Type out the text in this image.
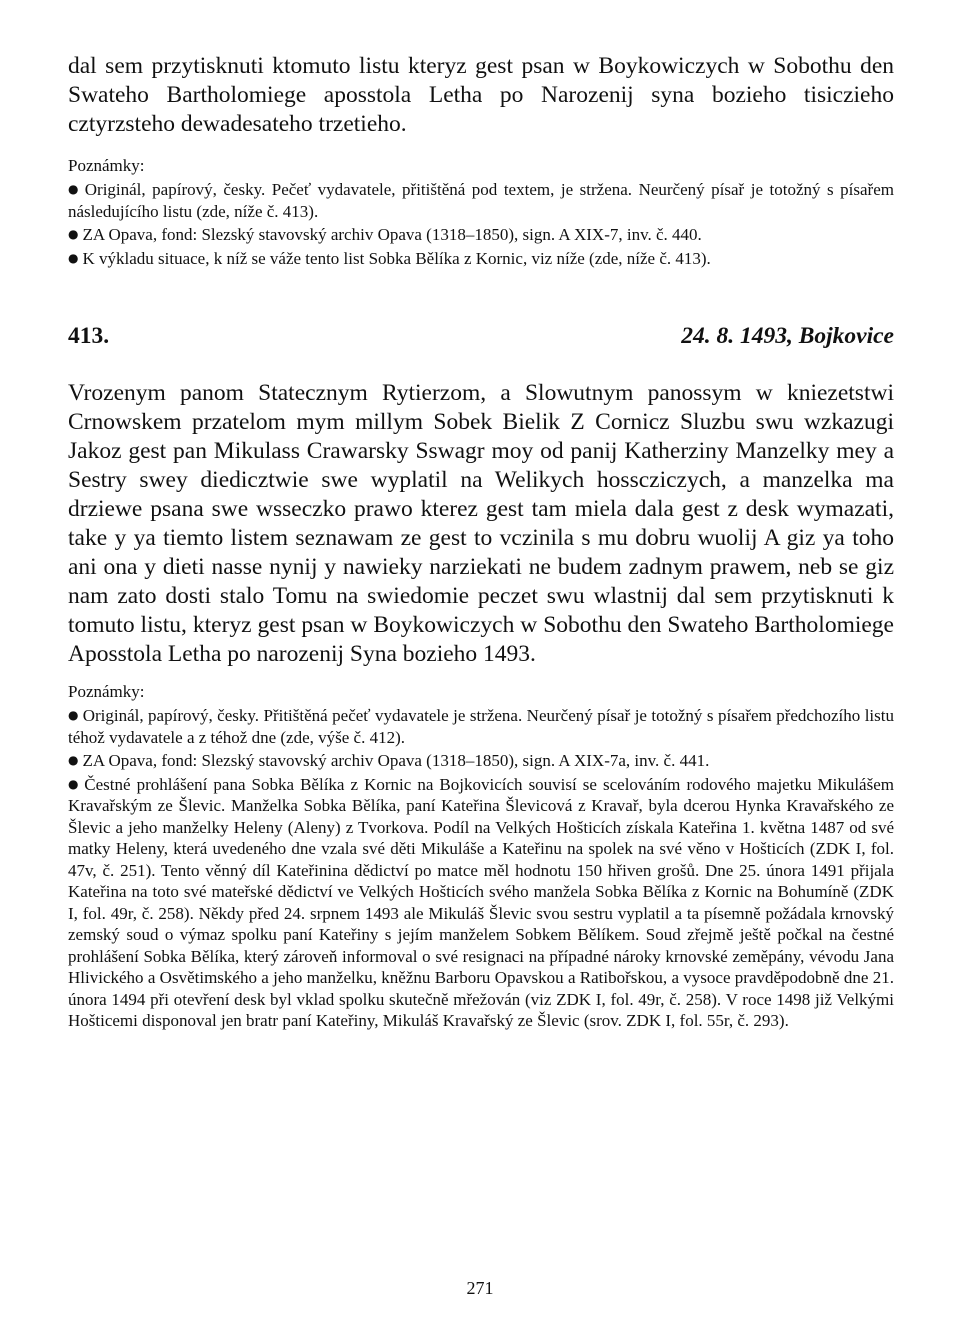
dal sem przytisknuti ktomuto listu kteryz gest psan w Boykowiczych w Sobothu den Swateho Bartholomiege aposstola Letha po Narozenij syna bozieho tisiczieho cztyrzsteho dewadesateho trzetieho.

Poznámky:

● Originál, papírový, česky. Pečeť vydavatele, přitištěná pod textem, je stržena. Neurčený písař je totožný s písařem následujícího listu (zde, níže č. 413).

● ZA Opava, fond: Slezský stavovský archiv Opava (1318–1850), sign. A XIX-7, inv. č. 440.

● K výkladu situace, k níž se váže tento list Sobka Bělíka z Kornic, viz níže (zde, níže č. 413).

413.	24. 8. 1493, Bojkovice

Vrozenym panom Statecznym Rytierzom, a Slowutnym panossym w kniezetstwi Crnowskem przatelom mym millym Sobek Bielik Z Cornicz Sluzbu swu wzkazugi Jakoz gest pan Mikulass Crawarsky Sswagr moy od panij Katherziny Manzelky mey a Sestry swey diedicztwie swe wyplatil na Welikych hosscziczych, a manzelka ma drziewe psana swe wsseczko prawo kterez gest tam miela dala gest z desk wymazati, take y ya tiemto listem seznawam ze gest to vczinila s mu dobru wuolij A giz ya toho ani ona y dieti nasse nynij y nawieky narziekati ne budem zadnym prawem, neb se giz nam zato dosti stalo Tomu na swiedomie peczet swu wlastnij dal sem przytisknuti k tomuto listu, kteryz gest psan w Boykowiczych w Sobothu den Swateho Bartholomiege Aposstola Letha po narozenij Syna bozieho 1493.

Poznámky:

● Originál, papírový, česky. Přitištěná pečeť vydavatele je stržena. Neurčený písař je totožný s písařem předchozího listu téhož vydavatele a z téhož dne (zde, výše č. 412).

● ZA Opava, fond: Slezský stavovský archiv Opava (1318–1850), sign. A XIX-7a, inv. č. 441.

● Čestné prohlášení pana Sobka Bělíka z Kornic na Bojkovicích souvisí se scelováním rodového majetku Mikulášem Kravařským ze Šlevic. Manželka Sobka Bělíka, paní Kateřina Šlevicová z Kravař, byla dcerou Hynka Kravařského ze Šlevic a jeho manželky Heleny (Aleny) z Tvorkova. Podíl na Velkých Hošticích získala Kateřina 1. května 1487 od své matky Heleny, která uvedeného dne vzala své děti Mikuláše a Kateřinu na spolek na své věno v Hošticích (ZDK I, fol. 47v, č. 251). Tento věnný díl Kateřinina dědictví po matce měl hodnotu 150 hřiven grošů. Dne 25. února 1491 přijala Kateřina na toto své mateřské dědictví ve Velkých Hošticích svého manžela Sobka Bělíka z Kornic na Bohumíně (ZDK I, fol. 49r, č. 258). Někdy před 24. srpnem 1493 ale Mikuláš Šlevic svou sestru vyplatil a ta písemně požádala krnovský zemský soud o výmaz spolku paní Kateřiny s jejím manželem Sobkem Bělíkem. Soud zřejmě ještě počkal na čestné prohlášení Sobka Bělíka, který zároveň informoval o své resignaci na případné nároky krnovské zeměpány, vévodu Jana Hlivického a Osvětimského a jeho manželku, kněžnu Barboru Opavskou a Ratibořskou, a vysoce pravděpodobně dne 21. února 1494 při otevření desk byl vklad spolku skutečně mřežován (viz ZDK I, fol. 49r, č. 258). V roce 1498 již Velkými Hošticemi disponoval jen bratr paní Kateřiny, Mikuláš Kravařský ze Šlevic (srov. ZDK I, fol. 55r, č. 293).

271
